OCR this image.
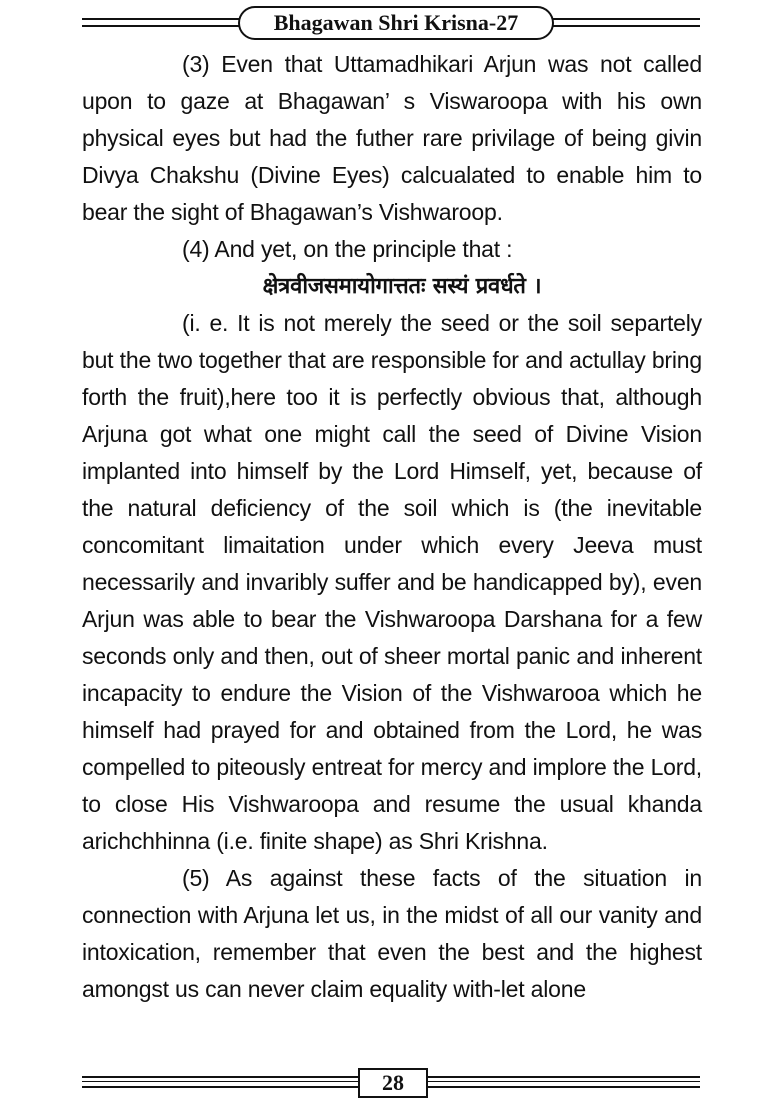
Bhagawan Shri Krisna-27

(3) Even that Uttamadhikari Arjun was not called upon to gaze at Bhagawan’ s Viswaroopa with his own physical eyes but had the futher rare privilage of being givin Divya Chakshu (Divine Eyes) calcualated to enable him to bear the sight of Bhagawan’s Vishwaroop.

(4) And yet, on the principle that :

क्षेत्रवीजसमायोगात्ततः सस्यं प्रवर्धते ।

(i. e. It is not merely the seed or the soil separtely but the two together that are responsible for and actullay bring forth the fruit),here too it is perfectly obvious that, although Arjuna got what one might call the seed of Divine Vision implanted into himself by the Lord Himself, yet, because of the natural deficiency of the soil which is (the inevitable concomitant limaitation under which every Jeeva must necessarily and invaribly suffer and be handicapped by), even Arjun was able to bear the Vishwaroopa Darshana for a few seconds only and then, out of sheer mortal panic and inherent incapacity to endure the Vision of the Vishwarooa which he himself had prayed for and obtained from the Lord, he was compelled to piteously entreat for mercy and implore the Lord, to close His Vishwaroopa and resume the usual khanda arichchhinna (i.e. finite shape) as Shri Krishna.

(5) As against these facts of the situation in connection with Arjuna let us, in the midst of all our vanity and intoxication, remember that even the best and the highest amongst us can never claim equality with-let alone

28
